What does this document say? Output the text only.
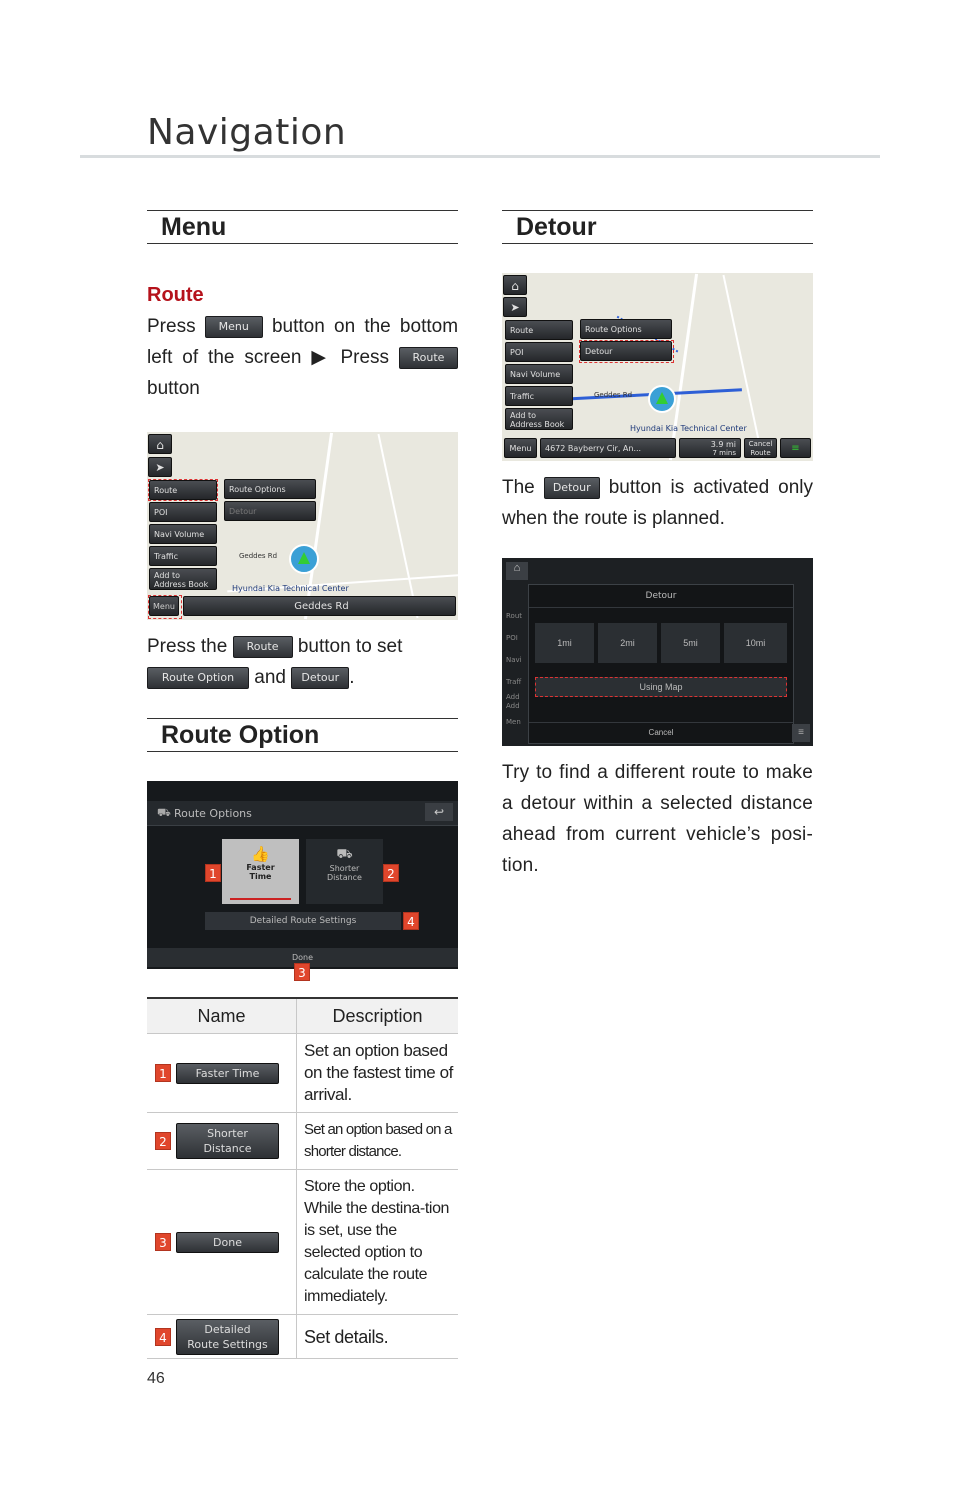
Navigation
Menu
Route
Press Menu button on the bottom left of the screen ▶ Press Route button
⌂
➤
Route
POI
Navi Volume
Traffic
Add to
Address Book
Route Options
Detour
Geddes Rd
Hyundai Kia Technical Center
Menu	Geddes Rd
Press the Route button to set
Route Option and Detour .
Route Option
⛟ Route Options	↩
👍
Faster
Time
⛟
Shorter
Distance
Detailed Route Settings
Done
1	2
3
4
Name	Description

1 Faster Time	Set an option based on the fastest time of arrival.

2
Shorter
Distance	Set an option based on a shorter distance.

3 Done	Store the option. While the destina-tion is set, use the selected option to calculate the route immediately.

4
Detailed
Route Settings	Set details.
Detour
⌂
➤
Route
POI
Navi Volume
Traffic
Add to
Address Book
Route Options
Detour
Geddes Rd
Hyundai Kia Technical Center
Menu	4672 Bayberry Cir, An...	3.9 mi
7 mins
Cancel
Route	≡
The Detour button is activated only when the route is planned.
⌂
Rout
POI
Navi
Traff
Add
Add
Men
Detour
1mi	2mi	5mi	10mi
Using Map
Cancel	≡
Try to find a different route to make a detour within a selected distance ahead from current vehicle’s posi-tion.
46
